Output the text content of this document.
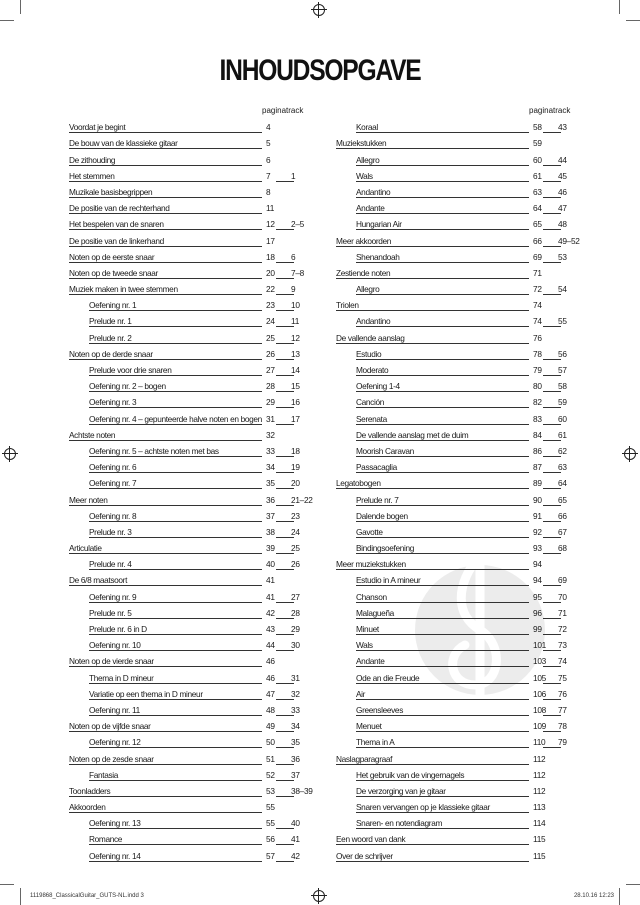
INHOUDSOPGAVE
pagina track
Voordat je begint	4
De bouw van de klassieke gitaar	5
De zithouding	6
Het stemmen	7 1
Muzikale basisbegrippen	8
De positie van de rechterhand	11
Het bespelen van de snaren	12 2–5
De positie van de linkerhand	17
Noten op de eerste snaar	18 6
Noten op de tweede snaar	20 7–8
Muziek maken in twee stemmen	22 9
Oefening nr. 1	23 10
Prelude nr. 1	24 11
Prelude nr. 2	25 12
Noten op de derde snaar	26 13
Prelude voor drie snaren	27 14
Oefening nr. 2 – bogen	28 15
Oefening nr. 3	29 16
Oefening nr. 4 – gepunteerde halve noten en bogen 31 17
Achtste noten	32
Oefening nr. 5 – achtste noten met bas	33 18
Oefening nr. 6	34 19
Oefening nr. 7	35 20
Meer noten	36 21–22
Oefening nr. 8	37 23
Prelude nr. 3	38 24
Articulatie	39 25
Prelude nr. 4	40 26
De 6/8 maatsoort	41
Oefening nr. 9	41 27
Prelude nr. 5	42 28
Prelude nr. 6 in D	43 29
Oefening nr. 10	44 30
Noten op de vierde snaar	46
Thema in D mineur	46 31
Variatie op een thema in D mineur	47 32
Oefening nr. 11	48 33
Noten op de vijfde snaar	49 34
Oefening nr. 12	50 35
Noten op de zesde snaar	51 36
Fantasia	52 37
Toonladders	53 38–39
Akkoorden	55
Oefening nr. 13	55 40
Romance	56 41
Oefening nr. 14	57 42
pagina track
Koraal	58 43
Muziekstukken	59
Allegro	60 44
Wals	61 45
Andantino	63 46
Andante	64 47
Hungarian Air	65 48
Meer akkoorden	66 49–52
Shenandoah	69 53
Zestiende noten	71
Allegro	72 54
Triolen	74
Andantino	74 55
De vallende aanslag	76
Estudio	78 56
Moderato	79 57
Oefening 1-4	80 58
Canción	82 59
Serenata	83 60
De vallende aanslag met de duim	84 61
Moorish Caravan	86 62
Passacaglia	87 63
Legatobogen	89 64
Prelude nr. 7	90 65
Dalende bogen	91 66
Gavotte	92 67
Bindingsoefening	93 68
Meer muziekstukken	94
Estudio in A mineur	94 69
Chanson	95 70
Malagueña	96 71
Minuet	99 72
Wals	101 73
Andante	103 74
Ode an die Freude	105 75
Air	106 76
Greensleeves	108 77
Menuet	109 78
Thema in A	110 79
Naslagparagraaf	112
Het gebruik van de vingernagels	112
De verzorging van je gitaar	112
Snaren vervangen op je klassieke gitaar	113
Snaren- en notendiagram	114
Een woord van dank	115
Over de schrijver	115
1119868_ClassicalGuitar_GUTS-NL.indd 3	28.10.16 12:23
